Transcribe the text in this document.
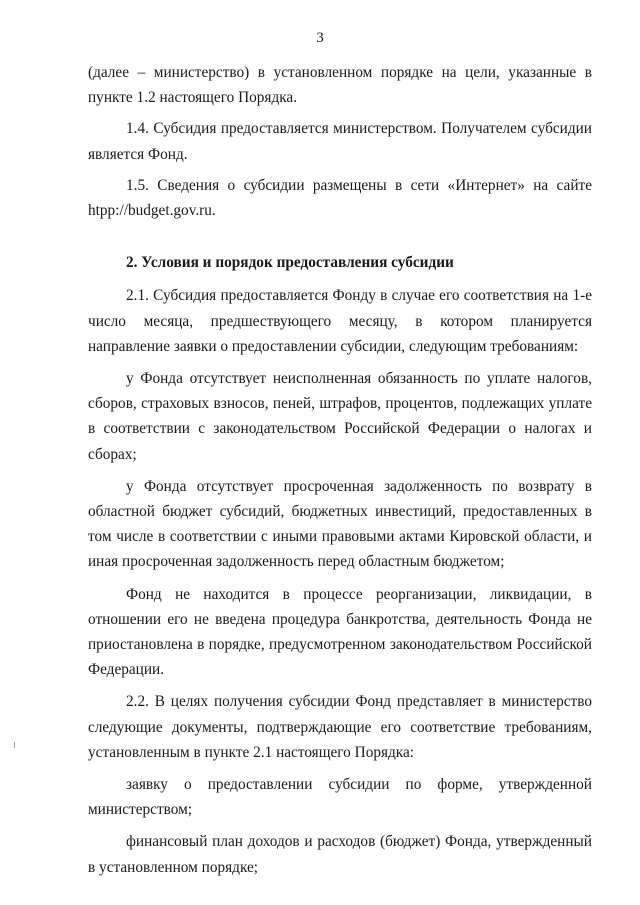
3

(далее – министерство) в установленном порядке на цели, указанные в пункте 1.2 настоящего Порядка.

1.4. Субсидия предоставляется министерством. Получателем субсидии является Фонд.

1.5. Сведения о субсидии размещены в сети «Интернет» на сайте htpp://budget.gov.ru.

2. Условия и порядок предоставления субсидии

2.1. Субсидия предоставляется Фонду в случае его соответствия на 1-е число месяца, предшествующего месяцу, в котором планируется направление заявки о предоставлении субсидии, следующим требованиям:

у Фонда отсутствует неисполненная обязанность по уплате налогов, сборов, страховых взносов, пеней, штрафов, процентов, подлежащих уплате в соответствии с законодательством Российской Федерации о налогах и сборах;

у Фонда отсутствует просроченная задолженность по возврату в областной бюджет субсидий, бюджетных инвестиций, предоставленных в том числе в соответствии с иными правовыми актами Кировской области, и иная просроченная задолженность перед областным бюджетом;

Фонд не находится в процессе реорганизации, ликвидации, в отношении его не введена процедура банкротства, деятельность Фонда не приостановлена в порядке, предусмотренном законодательством Российской Федерации.

2.2. В целях получения субсидии Фонд представляет в министерство следующие документы, подтверждающие его соответствие требованиям, установленным в пункте 2.1 настоящего Порядка:

заявку о предоставлении субсидии по форме, утвержденной министерством;

финансовый план доходов и расходов (бюджет) Фонда, утвержденный в установленном порядке;
